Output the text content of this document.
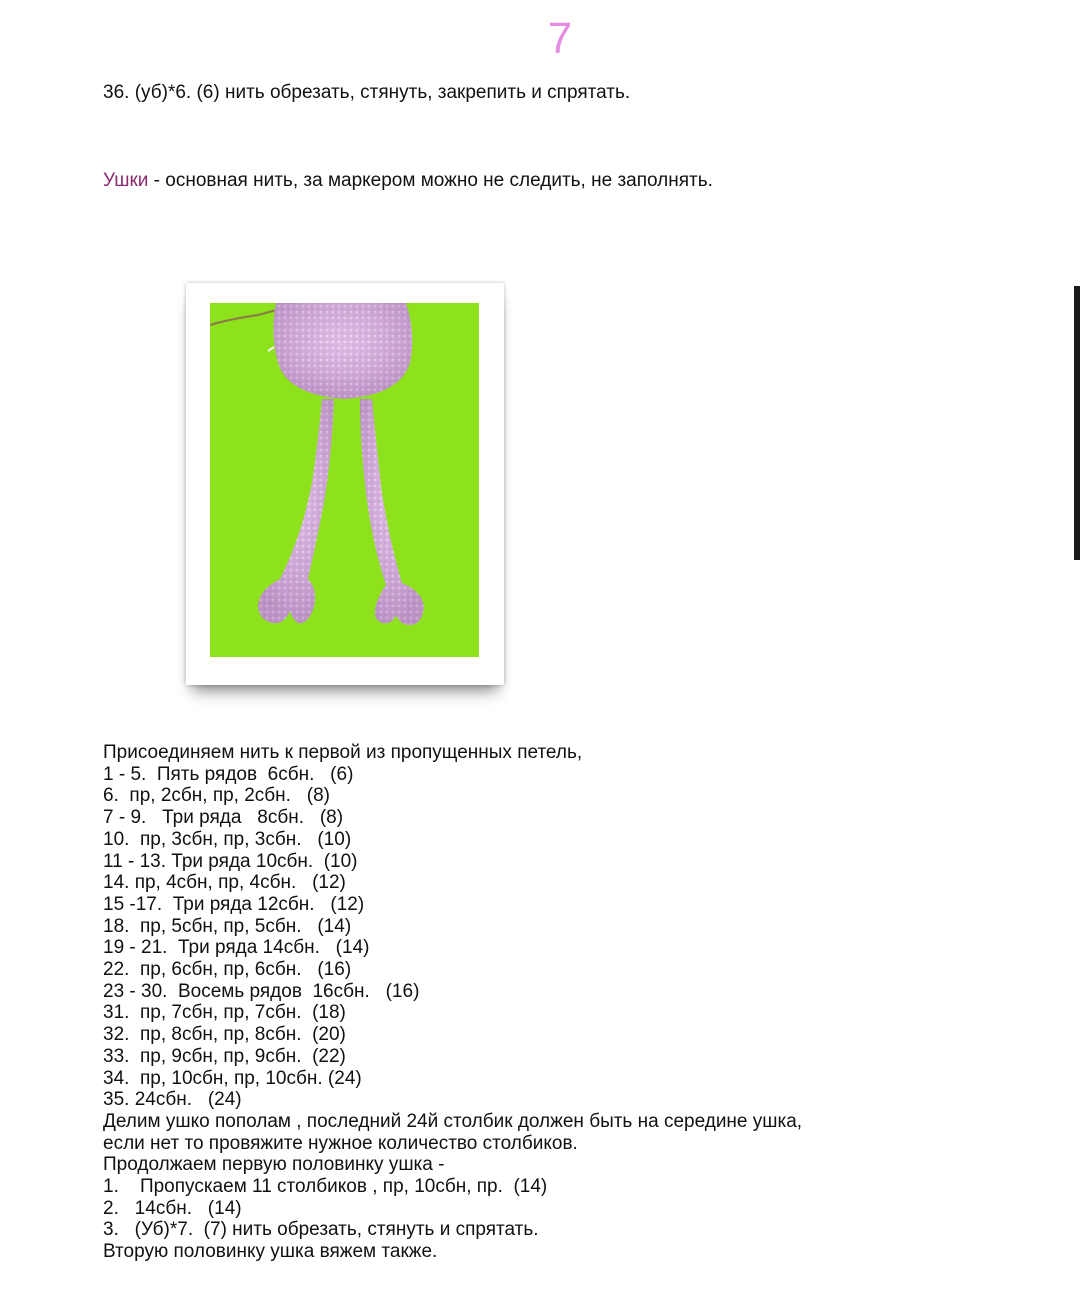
7
36. (уб)*6. (6) нить обрезать, стянуть, закрепить и спрятать.
Ушки - основная нить, за маркером можно не следить, не заполнять.
Присоединяем нить к первой из пропущенных петель,
1 - 5.  Пять рядов  6сбн.   (6)
6.  пр, 2сбн, пр, 2сбн.   (8)
7 - 9.   Три ряда   8сбн.   (8)
10.  пр, 3сбн, пр, 3сбн.   (10)
11 - 13. Три ряда 10сбн.  (10)
14. пр, 4сбн, пр, 4сбн.   (12)
15 -17.  Три ряда 12сбн.   (12)
18.  пр, 5сбн, пр, 5сбн.   (14)
19 - 21.  Три ряда 14сбн.   (14)
22.  пр, 6сбн, пр, 6сбн.   (16)
23 - 30.  Восемь рядов  16сбн.   (16)
31.  пр, 7сбн, пр, 7сбн.  (18)
32.  пр, 8сбн, пр, 8сбн.  (20)
33.  пр, 9сбн, пр, 9сбн.  (22)
34.  пр, 10сбн, пр, 10сбн. (24)
35. 24сбн.   (24)
Делим ушко пополам , последний 24й столбик должен быть на середине ушка,
если нет то провяжите нужное количество столбиков.
Продолжаем первую половинку ушка -
1.    Пропускаем 11 столбиков , пр, 10сбн, пр.  (14)
2.   14сбн.   (14)
3.   (Уб)*7.  (7) нить обрезать, стянуть и спрятать.
Вторую половинку ушка вяжем также.
